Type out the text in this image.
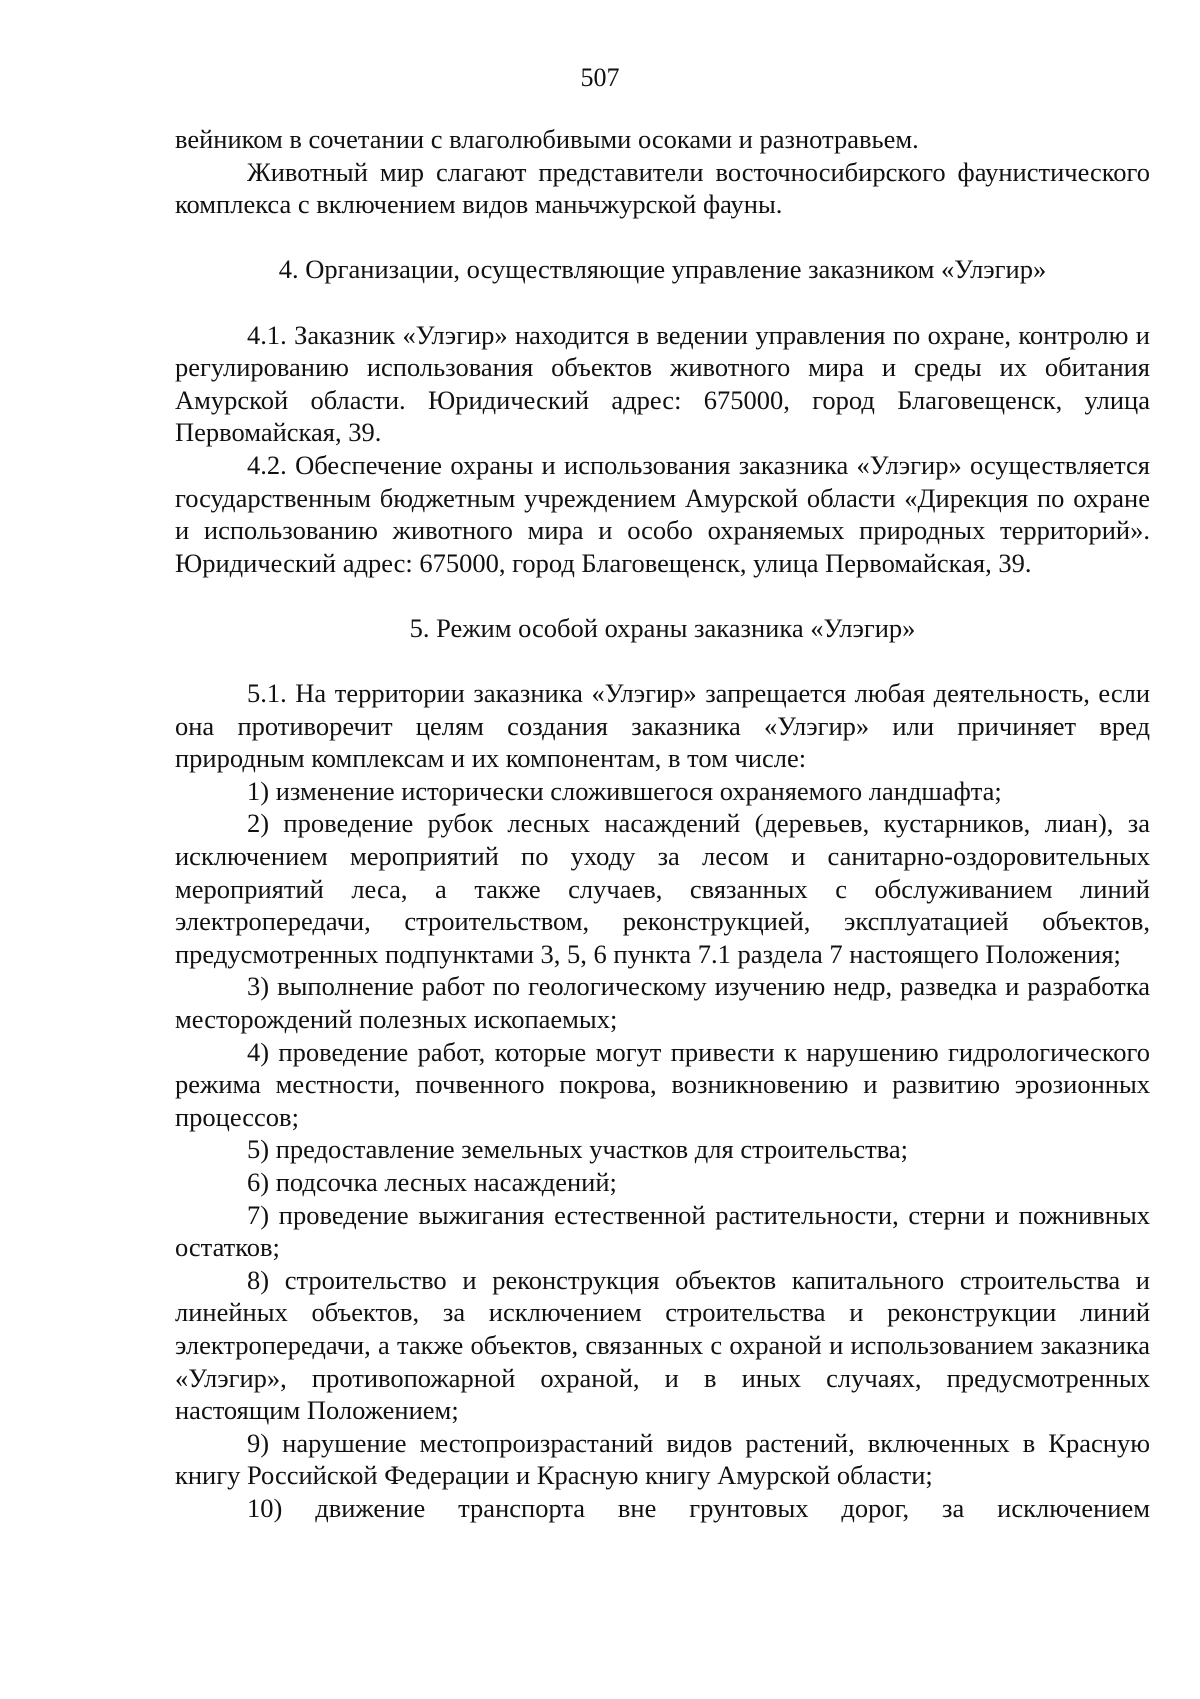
507

вейником в сочетании с влаголюбивыми осоками и разнотравьем.

Животный мир слагают представители восточносибирского фаунистического комплекса с включением видов маньчжурской фауны.

4. Организации, осуществляющие управление заказником «Улэгир»

4.1. Заказник «Улэгир» находится в ведении управления по охране, контролю и регулированию использования объектов животного мира и среды их обитания Амурской области. Юридический адрес: 675000, город Благовещенск, улица Первомайская, 39.

4.2. Обеспечение охраны и использования заказника «Улэгир» осуществляется государственным бюджетным учреждением Амурской области «Дирекция по охране и использованию животного мира и особо охраняемых природных территорий». Юридический адрес: 675000, город Благовещенск, улица Первомайская, 39.

5. Режим особой охраны заказника «Улэгир»

5.1. На территории заказника «Улэгир» запрещается любая деятельность, если она противоречит целям создания заказника «Улэгир» или причиняет вред природным комплексам и их компонентам, в том числе:

1) изменение исторически сложившегося охраняемого ландшафта;

2) проведение рубок лесных насаждений (деревьев, кустарников, лиан), за исключением мероприятий по уходу за лесом и санитарно-оздоровительных мероприятий леса, а также случаев, связанных с обслуживанием линий электропередачи, строительством, реконструкцией, эксплуатацией объектов, предусмотренных подпунктами 3, 5, 6 пункта 7.1 раздела 7 настоящего Положения;

3) выполнение работ по геологическому изучению недр, разведка и разработка месторождений полезных ископаемых;

4) проведение работ, которые могут привести к нарушению гидрологического режима местности, почвенного покрова, возникновению и развитию эрозионных процессов;

5) предоставление земельных участков для строительства;

6) подсочка лесных насаждений;

7) проведение выжигания естественной растительности, стерни и пожнивных остатков;

8) строительство и реконструкция объектов капитального строительства и линейных объектов, за исключением строительства и реконструкции линий электропередачи, а также объектов, связанных с охраной и использованием заказника «Улэгир», противопожарной охраной, и в иных случаях, предусмотренных настоящим Положением;

9) нарушение местопроизрастаний видов растений, включенных в Красную книгу Российской Федерации и Красную книгу Амурской области;

10) движение транспорта вне грунтовых дорог, за исключением
